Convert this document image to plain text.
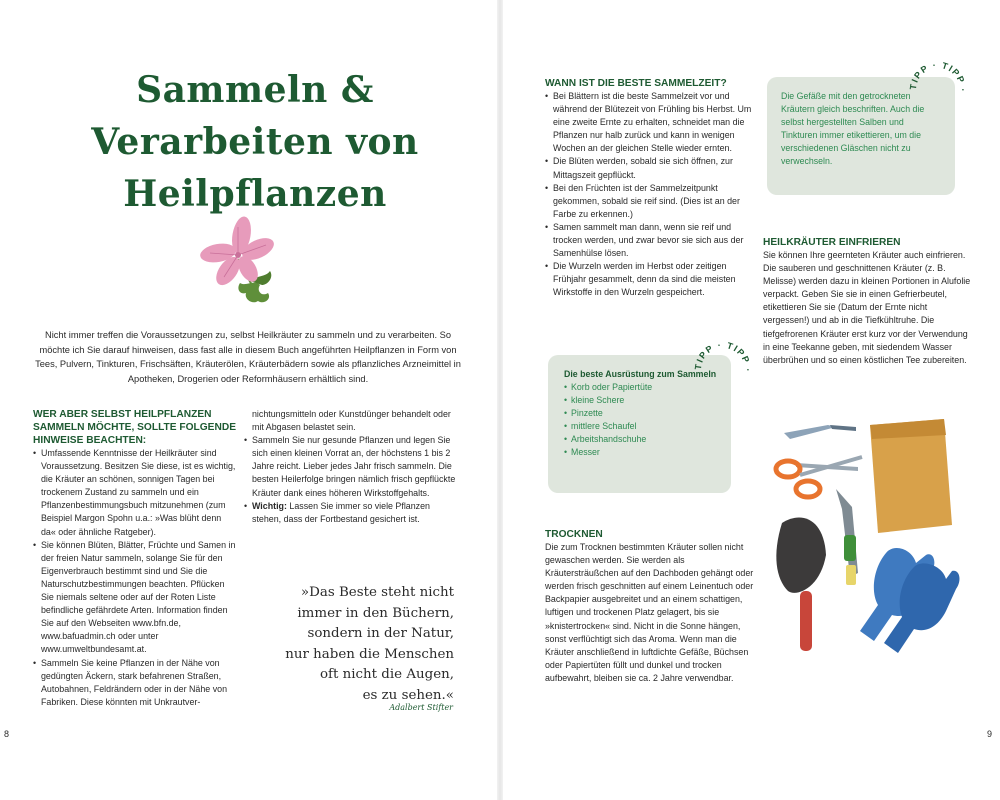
Sammeln &
Verarbeiten von
Heilpflanzen

Nicht immer treffen die Voraussetzungen zu, selbst Heilkräuter zu sammeln und zu verarbeiten. So möchte ich Sie darauf hinweisen, dass fast alle in diesem Buch angeführten Heilpflanzen in Form von Tees, Pulvern, Tinkturen, Frischsäften, Kräuterölen, Kräuterbädern sowie als pflanzliches Arzneimittel in Apotheken, Drogerien oder Reformhäusern erhältlich sind.

WER ABER SELBST HEILPFLANZEN SAMMELN MÖCHTE, SOLLTE FOLGENDE HINWEISE BEACHTEN:

• Umfassende Kenntnisse der Heilkräuter sind Voraussetzung. Besitzen Sie diese, ist es wichtig, die Kräuter an schönen, sonnigen Tagen bei trockenem Zustand zu sammeln und ein Pflanzenbestimmungsbuch mitzunehmen (zum Beispiel Margon Spohn u.a.: »Was blüht denn da« oder ähnliche Ratgeber).
• Sie können Blüten, Blätter, Früchte und Samen in der freien Natur sammeln, solange Sie für den Eigenverbrauch bestimmt sind und Sie die Naturschutzbestimmungen beachten. Pflücken Sie niemals seltene oder auf der Roten Liste befindliche gefährdete Arten. Information finden Sie auf den Webseiten www.bfn.de, www.bafuadmin.ch oder unter www.umweltbundesamt.at.
• Sammeln Sie keine Pflanzen in der Nähe von gedüngten Äckern, stark befahrenen Straßen, Autobahnen, Feldrändern oder in der Nähe von Fabriken. Diese könnten mit Unkrautver-
nichtungsmitteln oder Kunstdünger behandelt oder mit Abgasen belastet sein.
• Sammeln Sie nur gesunde Pflanzen und legen Sie sich einen kleinen Vorrat an, der höchstens 1 bis 2 Jahre reicht. Lieber jedes Jahr frisch sammeln. Die besten Heilerfolge bringen nämlich frisch gepflückte Kräuter dank eines höheren Wirkstoffgehalts.
• Wichtig: Lassen Sie immer so viele Pflanzen stehen, dass der Fortbestand gesichert ist.

»Das Beste steht nicht

immer in den Büchern,

sondern in der Natur,

nur haben die Menschen

oft nicht die Augen,

es zu sehen.«

Adalbert Stifter
8

WANN IST DIE BESTE SAMMELZEIT?

• Bei Blättern ist die beste Sammelzeit vor und während der Blütezeit von Frühling bis Herbst. Um eine zweite Ernte zu erhalten, schneidet man die Pflanzen nur halb zurück und kann in wenigen Wochen an der gleichen Stelle wieder ernten.
• Die Blüten werden, sobald sie sich öffnen, zur Mittagszeit gepflückt.
• Bei den Früchten ist der Sammelzeitpunkt gekommen, sobald sie reif sind. (Dies ist an der Farbe zu erkennen.)
• Samen sammelt man dann, wenn sie reif und trocken werden, und zwar bevor sie sich aus der Samenhülse lösen.
• Die Wurzeln werden im Herbst oder zeitigen Frühjahr gesammelt, denn da sind die meisten Wirkstoffe in den Wurzeln gespeichert.
Die Gefäße mit den getrockneten Kräutern gleich beschriften. Auch die selbst hergestellten Salben und Tinkturen immer etikettieren, um die verschiedenen Gläschen nicht zu verwechseln.
TIPP · TIPP ·

HEILKRÄUTER EINFRIEREN

Sie können Ihre geernteten Kräuter auch einfrieren. Die sauberen und geschnittenen Kräuter (z. B. Melisse) werden dazu in kleinen Portionen in Alufolie verpackt. Geben Sie sie in einen Gefrierbeutel, etikettieren Sie sie (Datum der Ernte nicht vergessen!) und ab in die Tiefkühltruhe. Die tiefgefrorenen Kräuter erst kurz vor der Verwendung in eine Teekanne geben, mit siedendem Wasser überbrühen und so einen köstlichen Tee zubereiten.

Die beste Ausrüstung zum Sammeln
• Korb oder Papiertüte
• kleine Schere
• Pinzette
• mittlere Schaufel
• Arbeitshandschuhe
• Messer
TIPP · TIPP ·

TROCKNEN

Die zum Trocknen bestimmten Kräuter sollen nicht gewaschen werden. Sie werden als Kräutersträußchen auf den Dachboden gehängt oder werden frisch geschnitten auf einem Leinentuch oder Backpapier ausgebreitet und an einem schattigen, luftigen und trockenen Platz gelagert, bis sie »knistertrocken« sind. Nicht in die Sonne hängen, sonst verflüchtigt sich das Aroma. Wenn man die Kräuter anschließend in luftdichte Gefäße, Büchsen oder Papiertüten füllt und dunkel und trocken aufbewahrt, bleiben sie ca. 2 Jahre verwendbar.

9
